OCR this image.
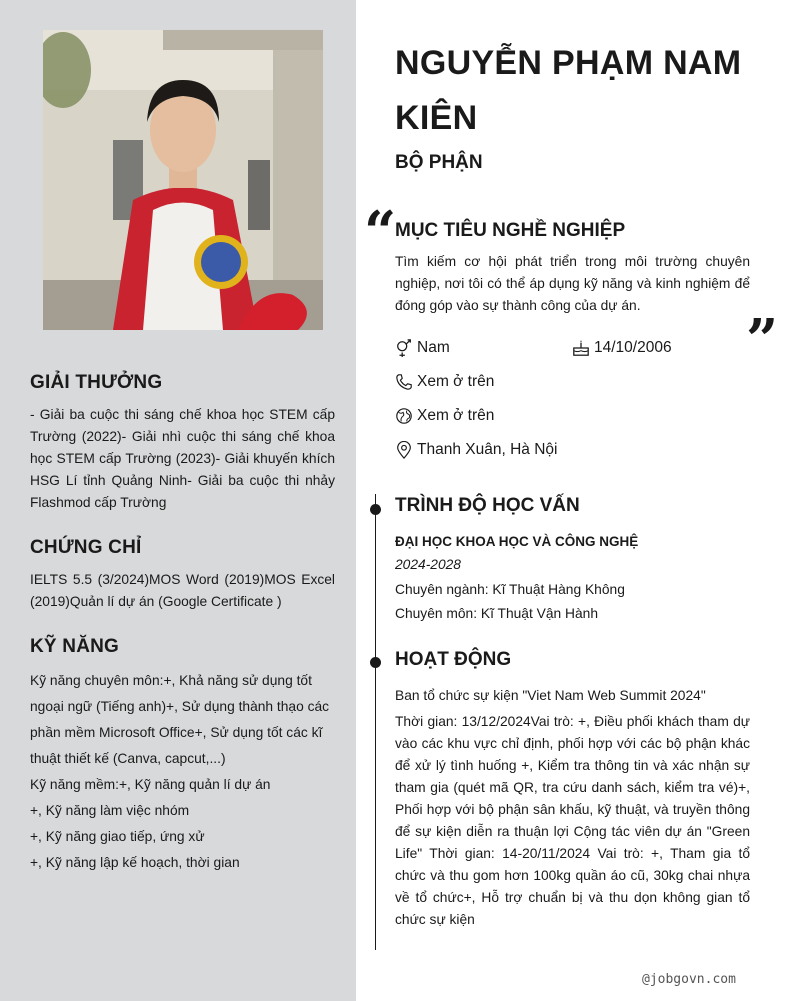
GIẢI THƯỞNG

- Giải ba cuộc thi sáng chế khoa học STEM cấp Trường (2022)- Giải nhì cuộc thi sáng chế khoa học STEM cấp Trường (2023)- Giải khuyến khích HSG Lí tỉnh Quảng Ninh- Giải ba cuộc thi nhảy Flashmod cấp Trường

CHỨNG CHỈ

IELTS 5.5 (3/2024)MOS Word (2019)MOS Excel (2019)Quản lí dự án (Google Certificate )

KỸ NĂNG
Kỹ năng chuyên môn:+, Khả năng sử dụng tốt ngoại ngữ (Tiếng anh)+, Sử dụng thành thạo các phần mềm Microsoft Office+, Sử dụng tốt các kĩ thuật thiết kế (Canva, capcut,...)
Kỹ năng mềm:+, Kỹ năng quản lí dự án
+, Kỹ năng làm việc nhóm
+, Kỹ năng giao tiếp, ứng xử
+, Kỹ năng lập kế hoạch, thời gian
NGUYỄN PHẠM NAM KIÊN
BỘ PHẬN
“
MỤC TIÊU NGHỀ NGHIỆP

Tìm kiếm cơ hội phát triển trong môi trường chuyên nghiệp, nơi tôi có thể áp dụng kỹ năng và kinh nghiệm để đóng góp vào sự thành công của dự án.

”
Nam	14/10/2006
Xem ở trên
Xem ở trên
Thanh Xuân, Hà Nội
TRÌNH ĐỘ HỌC VẤN
ĐẠI HỌC KHOA HỌC VÀ CÔNG NGHỆ
2024-2028
Chuyên ngành: Kĩ Thuật Hàng Không
Chuyên môn: Kĩ Thuật Vận Hành
HOẠT ĐỘNG
Ban tổ chức sự kiện "Viet Nam Web Summit 2024"

Thời gian: 13/12/2024Vai trò: +, Điều phối khách tham dự vào các khu vực chỉ định, phối hợp với các bộ phận khác để xử lý tình huống +, Kiểm tra thông tin và xác nhận sự tham gia (quét mã QR, tra cứu danh sách, kiểm tra vé)+, Phối hợp với bộ phận sân khấu, kỹ thuật, và truyền thông để sự kiện diễn ra thuận lợi Cộng tác viên dự án "Green Life" Thời gian: 14-20/11/2024 Vai trò: +, Tham gia tổ chức và thu gom hơn 100kg quần áo cũ, 30kg chai nhựa về tổ chức+, Hỗ trợ chuẩn bị và thu dọn không gian tổ chức sự kiện

@jobgovn.com
